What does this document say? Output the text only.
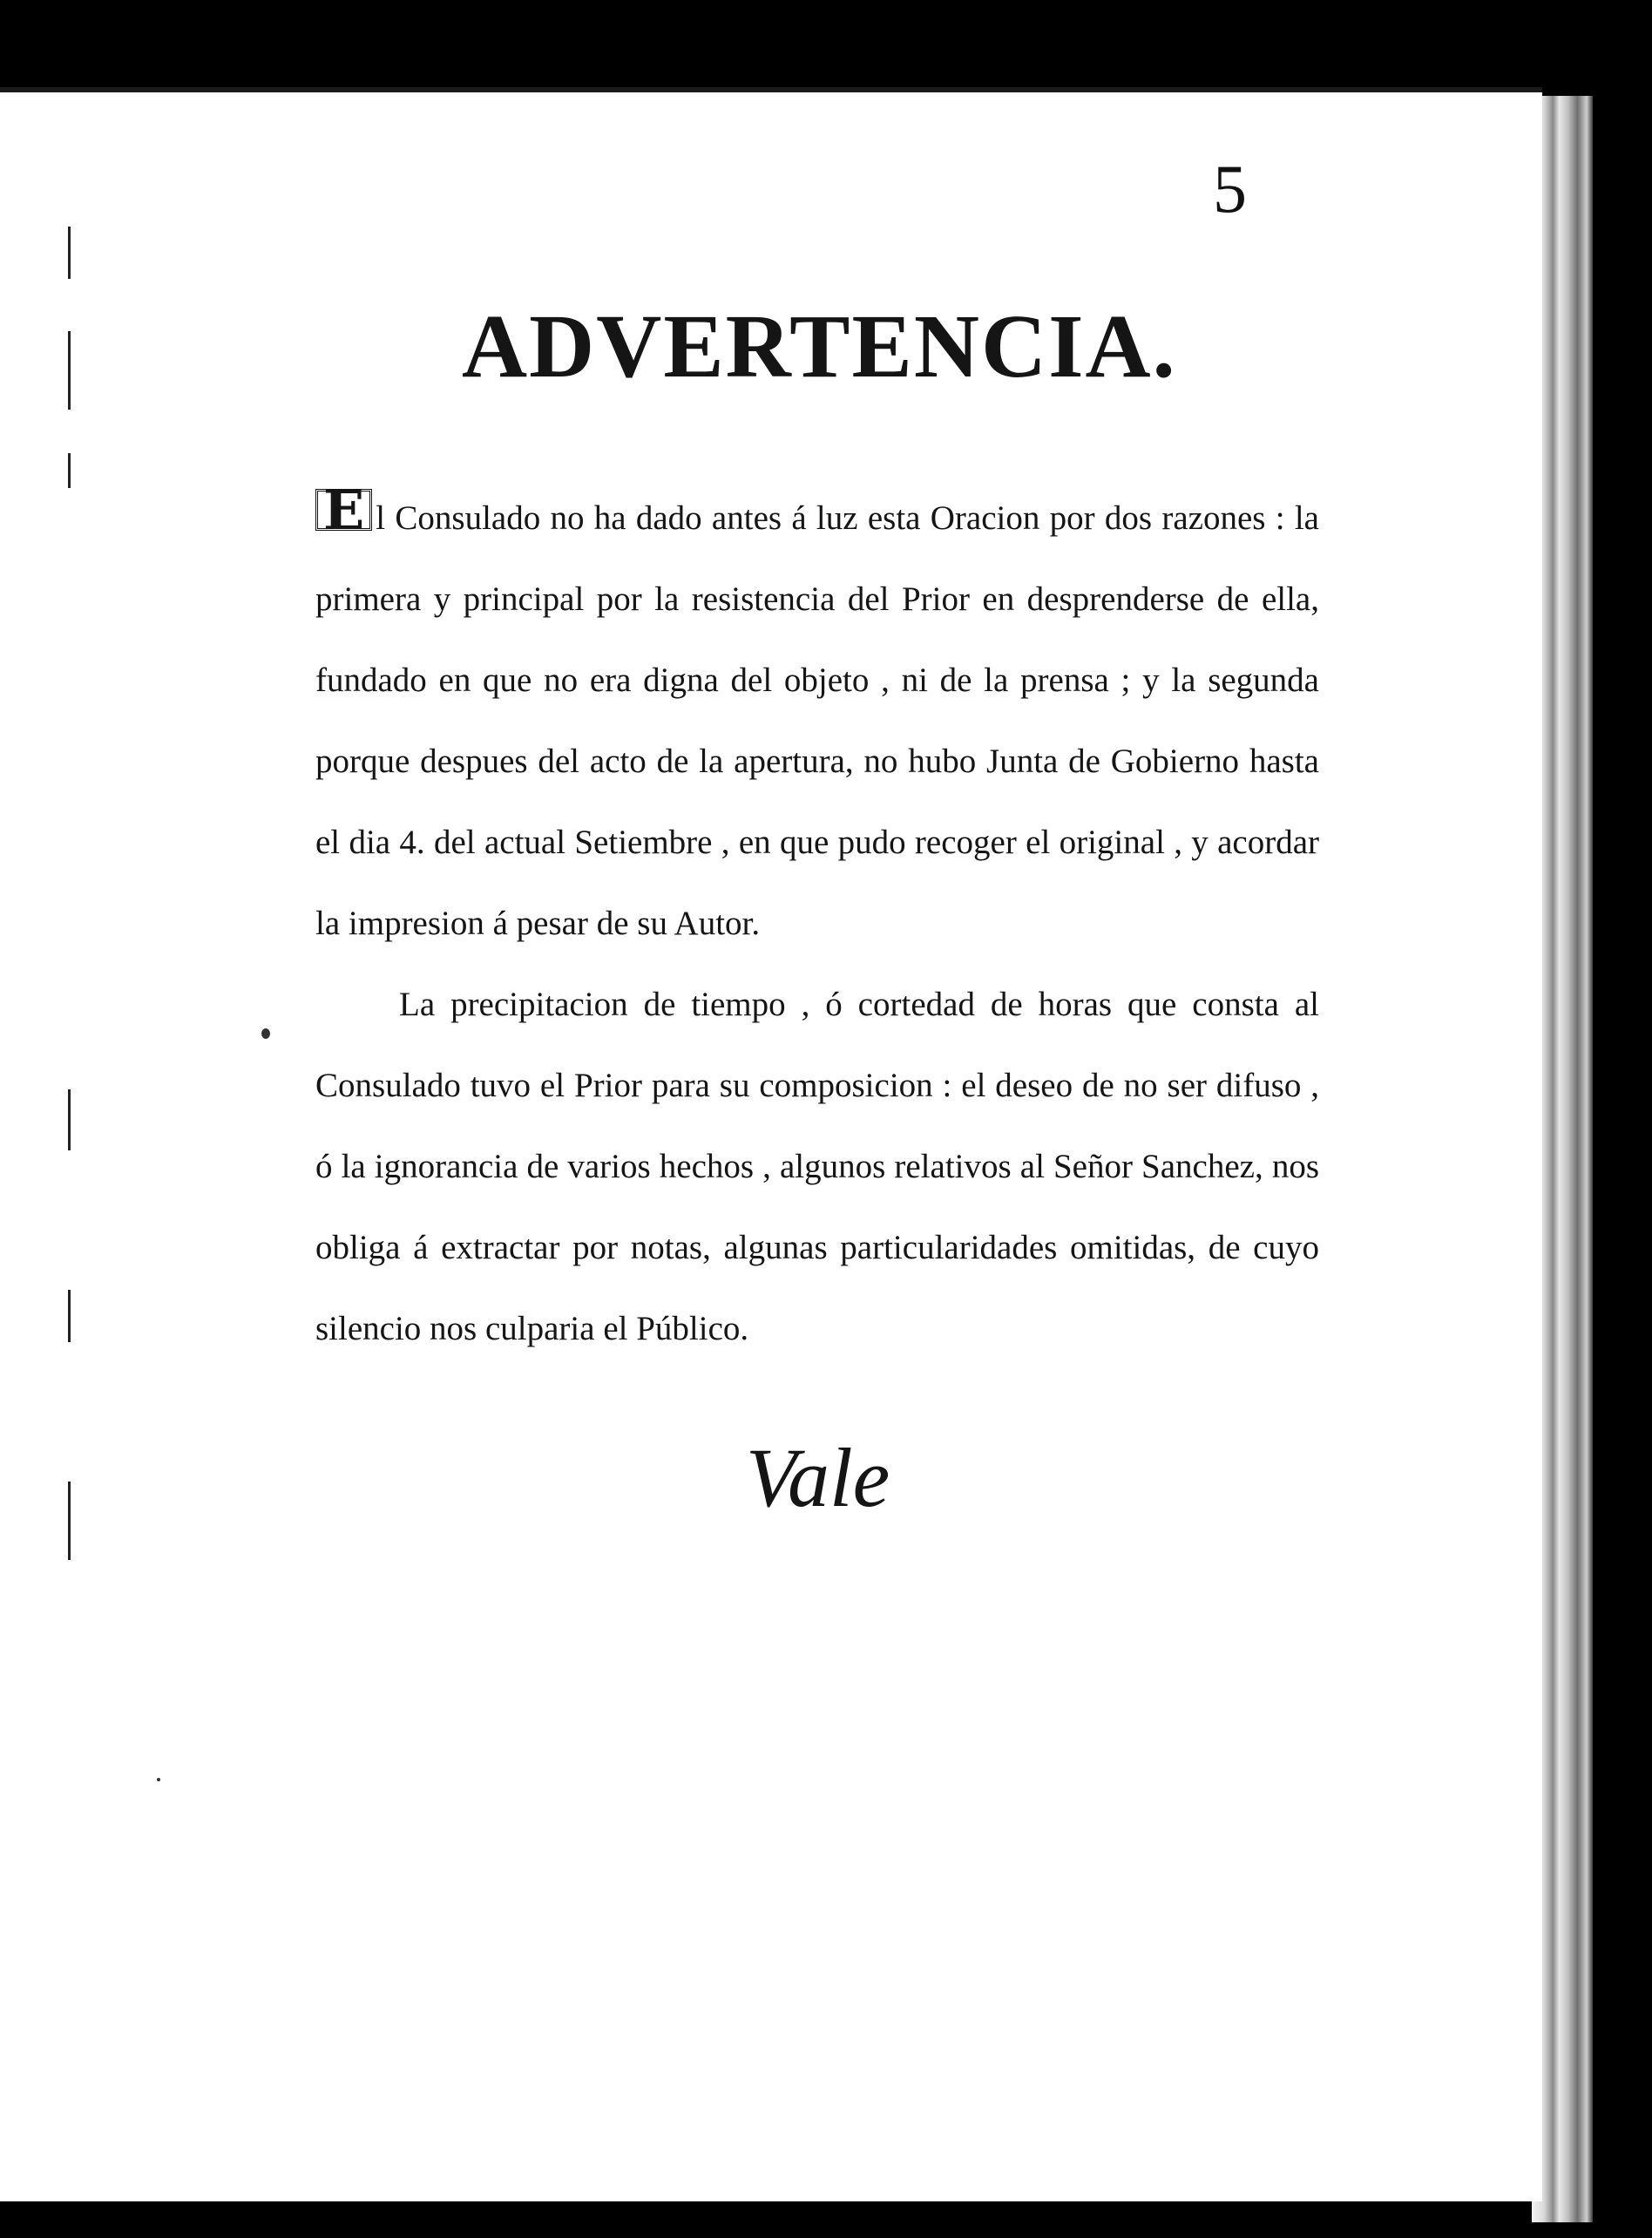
5
ADVERTENCIA.

E l Consulado no ha dado antes á luz esta Oracion por dos razones : la primera y principal por la resistencia del Prior en desprenderse de ella, fundado en que no era digna del objeto , ni de la prensa ; y la segunda porque despues del acto de la apertura, no hubo Junta de Gobierno hasta el dia 4. del actual Setiembre , en que pudo recoger el original , y acordar la impresion á pesar de su Autor.

La precipitacion de tiempo , ó cortedad de horas que consta al Consulado tuvo el Prior para su composicion : el deseo de no ser difuso , ó la ignorancia de varios hechos , algunos relativos al Señor Sanchez, nos obliga á extractar por notas, algunas particularidades omitidas, de cuyo silencio nos culparia el Público.

Vale
